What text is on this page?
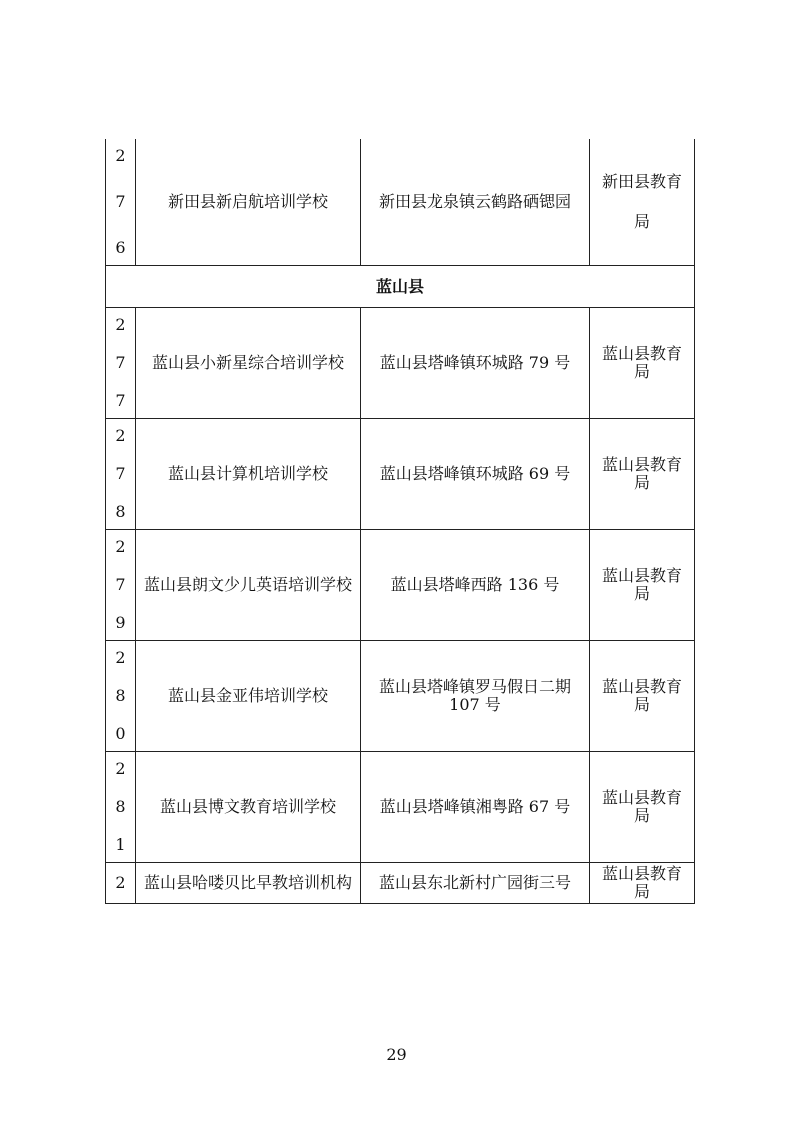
2
7
6	新田县新启航培训学校	新田县龙泉镇云鹤路硒锶园	新田县教育局

蓝山县			

2
7
7	蓝山县小新星综合培训学校	蓝山县塔峰镇环城路 79 号	蓝山县教育局

2
7
8	蓝山县计算机培训学校	蓝山县塔峰镇环城路 69 号	蓝山县教育局

2
7
9	蓝山县朗文少儿英语培训学校	蓝山县塔峰西路 136 号	蓝山县教育局

2
8
0	蓝山县金亚伟培训学校	蓝山县塔峰镇罗马假日二期 107 号	蓝山县教育局

2
8
1	蓝山县博文教育培训学校	蓝山县塔峰镇湘粤路 67 号	蓝山县教育局

2	蓝山县哈喽贝比早教培训机构	蓝山县东北新村广园街三号	蓝山县教育局
29
